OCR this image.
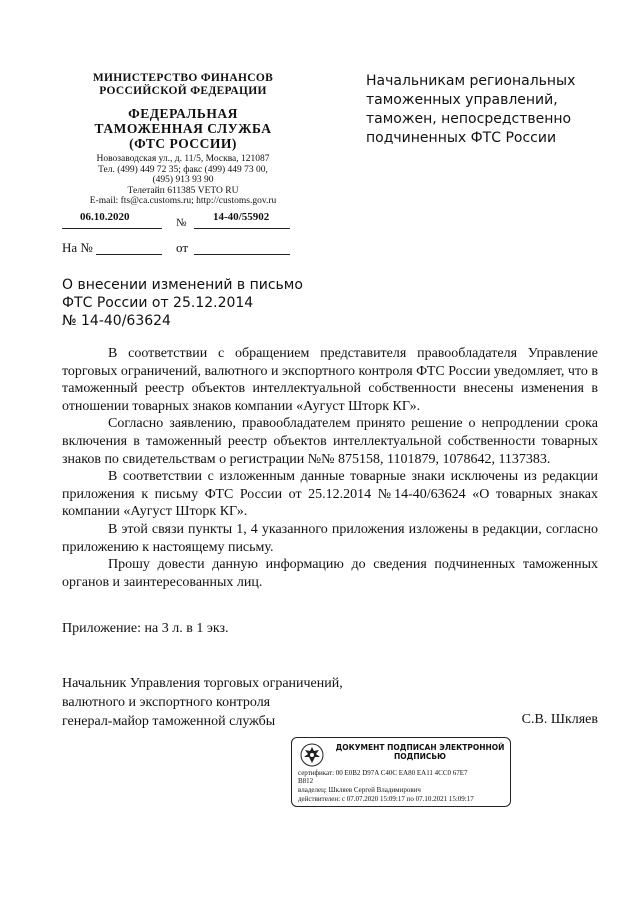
МИНИСТЕРСТВО ФИНАНСОВ
РОССИЙСКОЙ ФЕДЕРАЦИИ
ФЕДЕРАЛЬНАЯ
ТАМОЖЕННАЯ СЛУЖБА
(ФТС РОССИИ)
Новозаводская ул., д. 11/5, Москва, 121087
Тел. (499) 449 72 35; факс (499) 449 73 00,
(495) 913 93 90
Телетайп 611385 VETO RU
E-mail: fts@ca.customs.ru; http://customs.gov.ru
06.10.2020	№ 14-40/55902
На №	от
Начальникам региональных
таможенных управлений,
таможен, непосредственно
подчиненных ФТС России
О внесении изменений в письмо
ФТС России от 25.12.2014
№ 14-40/63624

В соответствии с обращением представителя правообладателя Управление торговых ограничений, валютного и экспортного контроля ФТС России уведомляет, что в таможенный реестр объектов интеллектуальной собственности внесены изменения в отношении товарных знаков компании «Аугуст Шторк КГ».

Согласно заявлению, правообладателем принято решение о непродлении срока включения в таможенный реестр объектов интеллектуальной собственности товарных знаков по свидетельствам о регистрации №№ 875158, 1101879, 1078642, 1137383.

В соответствии с изложенным данные товарные знаки исключены из редакции приложения к письму ФТС России от 25.12.2014 №14-40/63624 «О товарных знаках компании «Аугуст Шторк КГ».

В этой связи пункты 1, 4 указанного приложения изложены в редакции, согласно приложению к настоящему письму.

Прошу довести данную информацию до сведения подчиненных таможенных органов и заинтересованных лиц.

Приложение: на 3 л. в 1 экз.
Начальник Управления торговых ограничений,
валютного и экспортного контроля
генерал-майор таможенной службы	С.В. Шкляев
ДОКУМЕНТ ПОДПИСАН ЭЛЕКТРОННОЙ
ПОДПИСЬЮ
сертификат: 00 E0B2 D97A C40C EA80 EA11 4CC0 67E7
B812
владелец: Шкляев Сергей Владимирович
действителен: с 07.07.2020 15:09:17 по 07.10.2021 15:09:17
